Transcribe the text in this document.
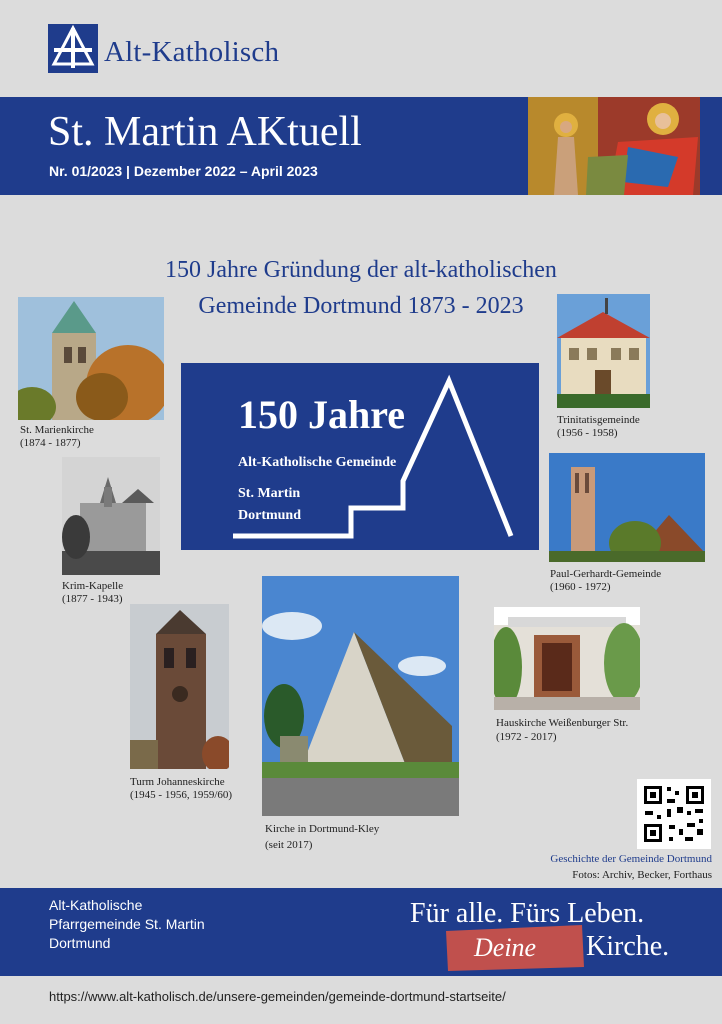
Alt-Katholisch
St. Martin AKtuell
Nr. 01/2023 | Dezember 2022 – April 2023
150 Jahre Gründung der alt-katholischen
Gemeinde Dortmund 1873 - 2023
St. Marienkirche
(1874 - 1877)
Krim-Kapelle
(1877 - 1943)
Turm Johanneskirche
(1945 - 1956, 1959/60)
Kirche in Dortmund-Kley
(seit 2017)
Trinitatisgemeinde
(1956 - 1958)
Paul-Gerhardt-Gemeinde
(1960 - 1972)
Hauskirche Weißenburger Str.
(1972 - 2017)
150 Jahre
Alt-Katholische Gemeinde
St. Martin
Dortmund
Geschichte der Gemeinde Dortmund
Fotos: Archiv, Becker, Forthaus
Alt-Katholische
Pfarrgemeinde St. Martin
Dortmund
Für alle. Fürs Leben.
Deine Kirche.
https://www.alt-katholisch.de/unsere-gemeinden/gemeinde-dortmund-startseite/
